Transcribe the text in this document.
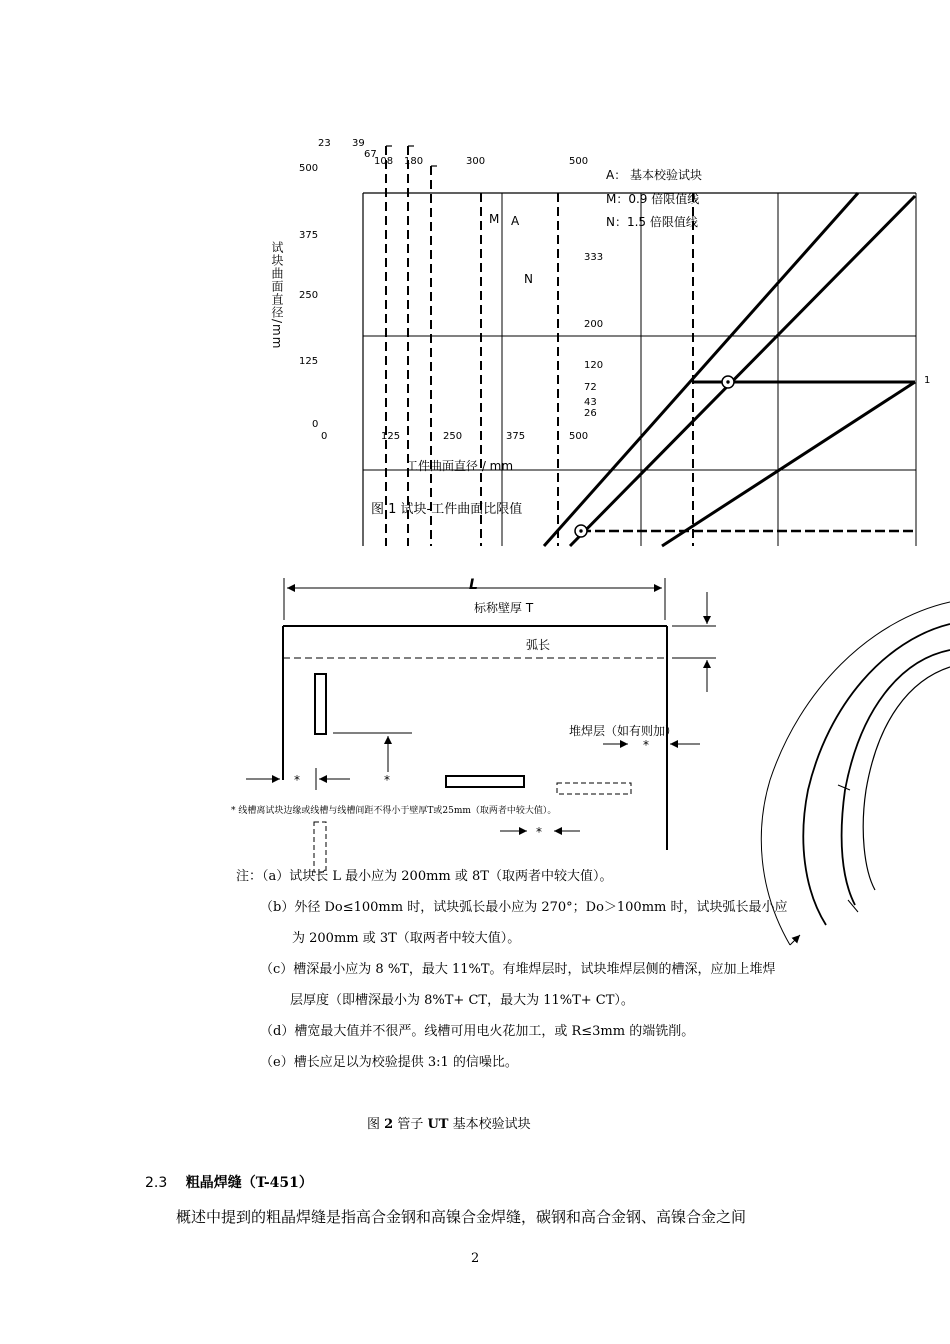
23 39
67
108 180	300	500
500
375
250
125
0
0	125	250	375	500
333
200
120
72
43
26
A： 基本校验试块
M：0.9 倍限值线
N：1.5 倍限值线
M A
N
试块曲面直径/mm
工件曲面直径 / mm
图 1 试块-工件曲面比限值
1
L
标称壁厚 T
弧长
堆焊层（如有则加）
*
*	*
*
* 线槽离试块边缘或线槽与线槽间距不得小于壁厚T或25mm（取两者中较大值）。
注：（a）试块长 L 最小应为 200mm 或 8T（取两者中较大值）。
（b）外径 Do≤100mm 时，试块弧长最小应为 270°；Do＞100mm 时，试块弧长最小应
为 200mm 或 3T（取两者中较大值）。
（c）槽深最小应为 8 %T，最大 11%T。有堆焊层时，试块堆焊层侧的槽深，应加上堆焊
层厚度（即槽深最小为 8%T+ CT，最大为 11%T+ CT）。
（d）槽宽最大值并不很严。线槽可用电火花加工，或 R≤3mm 的端铣削。
（e）槽长应足以为校验提供 3:1 的信噪比。
图 2 管子 UT 基本校验试块
2.3 粗晶焊缝（T-451）
概述中提到的粗晶焊缝是指高合金钢和高镍合金焊缝，碳钢和高合金钢、高镍合金之间
2
